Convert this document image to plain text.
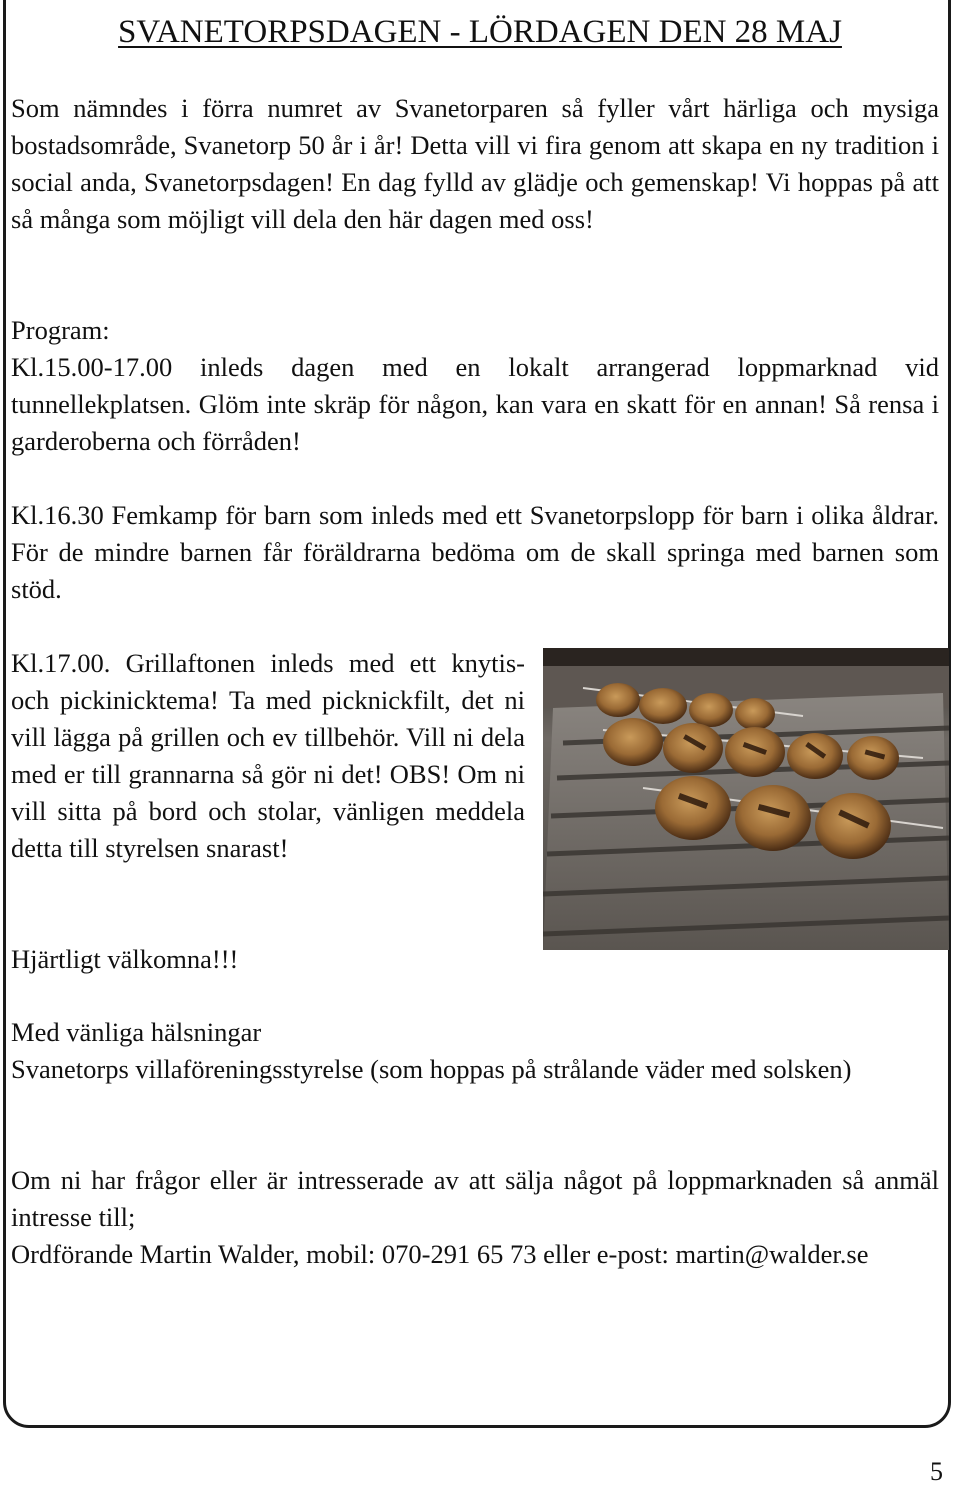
SVANETORPSDAGEN - LÖRDAGEN DEN 28 MAJ

Som nämndes i förra numret av Svanetorparen så fyller vårt härliga och mysiga bostadsområde, Svanetorp 50 år i år! Detta vill vi fira genom att skapa en ny tradition i social anda, Svanetorpsdagen! En dag fylld av glädje och gemenskap! Vi hoppas på att så många som möjligt vill dela den här dagen med oss!

Program:

Kl.15.00-17.00 inleds dagen med en lokalt arrangerad loppmarknad vid tunnellekplatsen. Glöm inte skräp för någon, kan vara en skatt för en annan! Så rensa i garderoberna och förråden!

Kl.16.30 Femkamp för barn som inleds med ett Svanetorpslopp för barn i olika åldrar. För de mindre barnen får föräldrarna bedöma om de skall springa med barnen som stöd.

Kl.17.00. Grillaftonen inleds med ett knytis- och pickinicktema! Ta med picknickfilt, det ni vill lägga på grillen och ev tillbehör. Vill ni dela med er till grannarna så gör ni det! OBS! Om ni vill sitta på bord och stolar, vänligen meddela detta till styrelsen snarast!

Hjärtligt välkomna!!!

Med vänliga hälsningar

Svanetorps villaföreningsstyrelse (som hoppas på strålande väder med solsken)

Om ni har frågor eller är intresserade av att sälja något på loppmarknaden så anmäl intresse till;

Ordförande Martin Walder, mobil: 070-291 65 73 eller e-post: martin@walder.se

5
